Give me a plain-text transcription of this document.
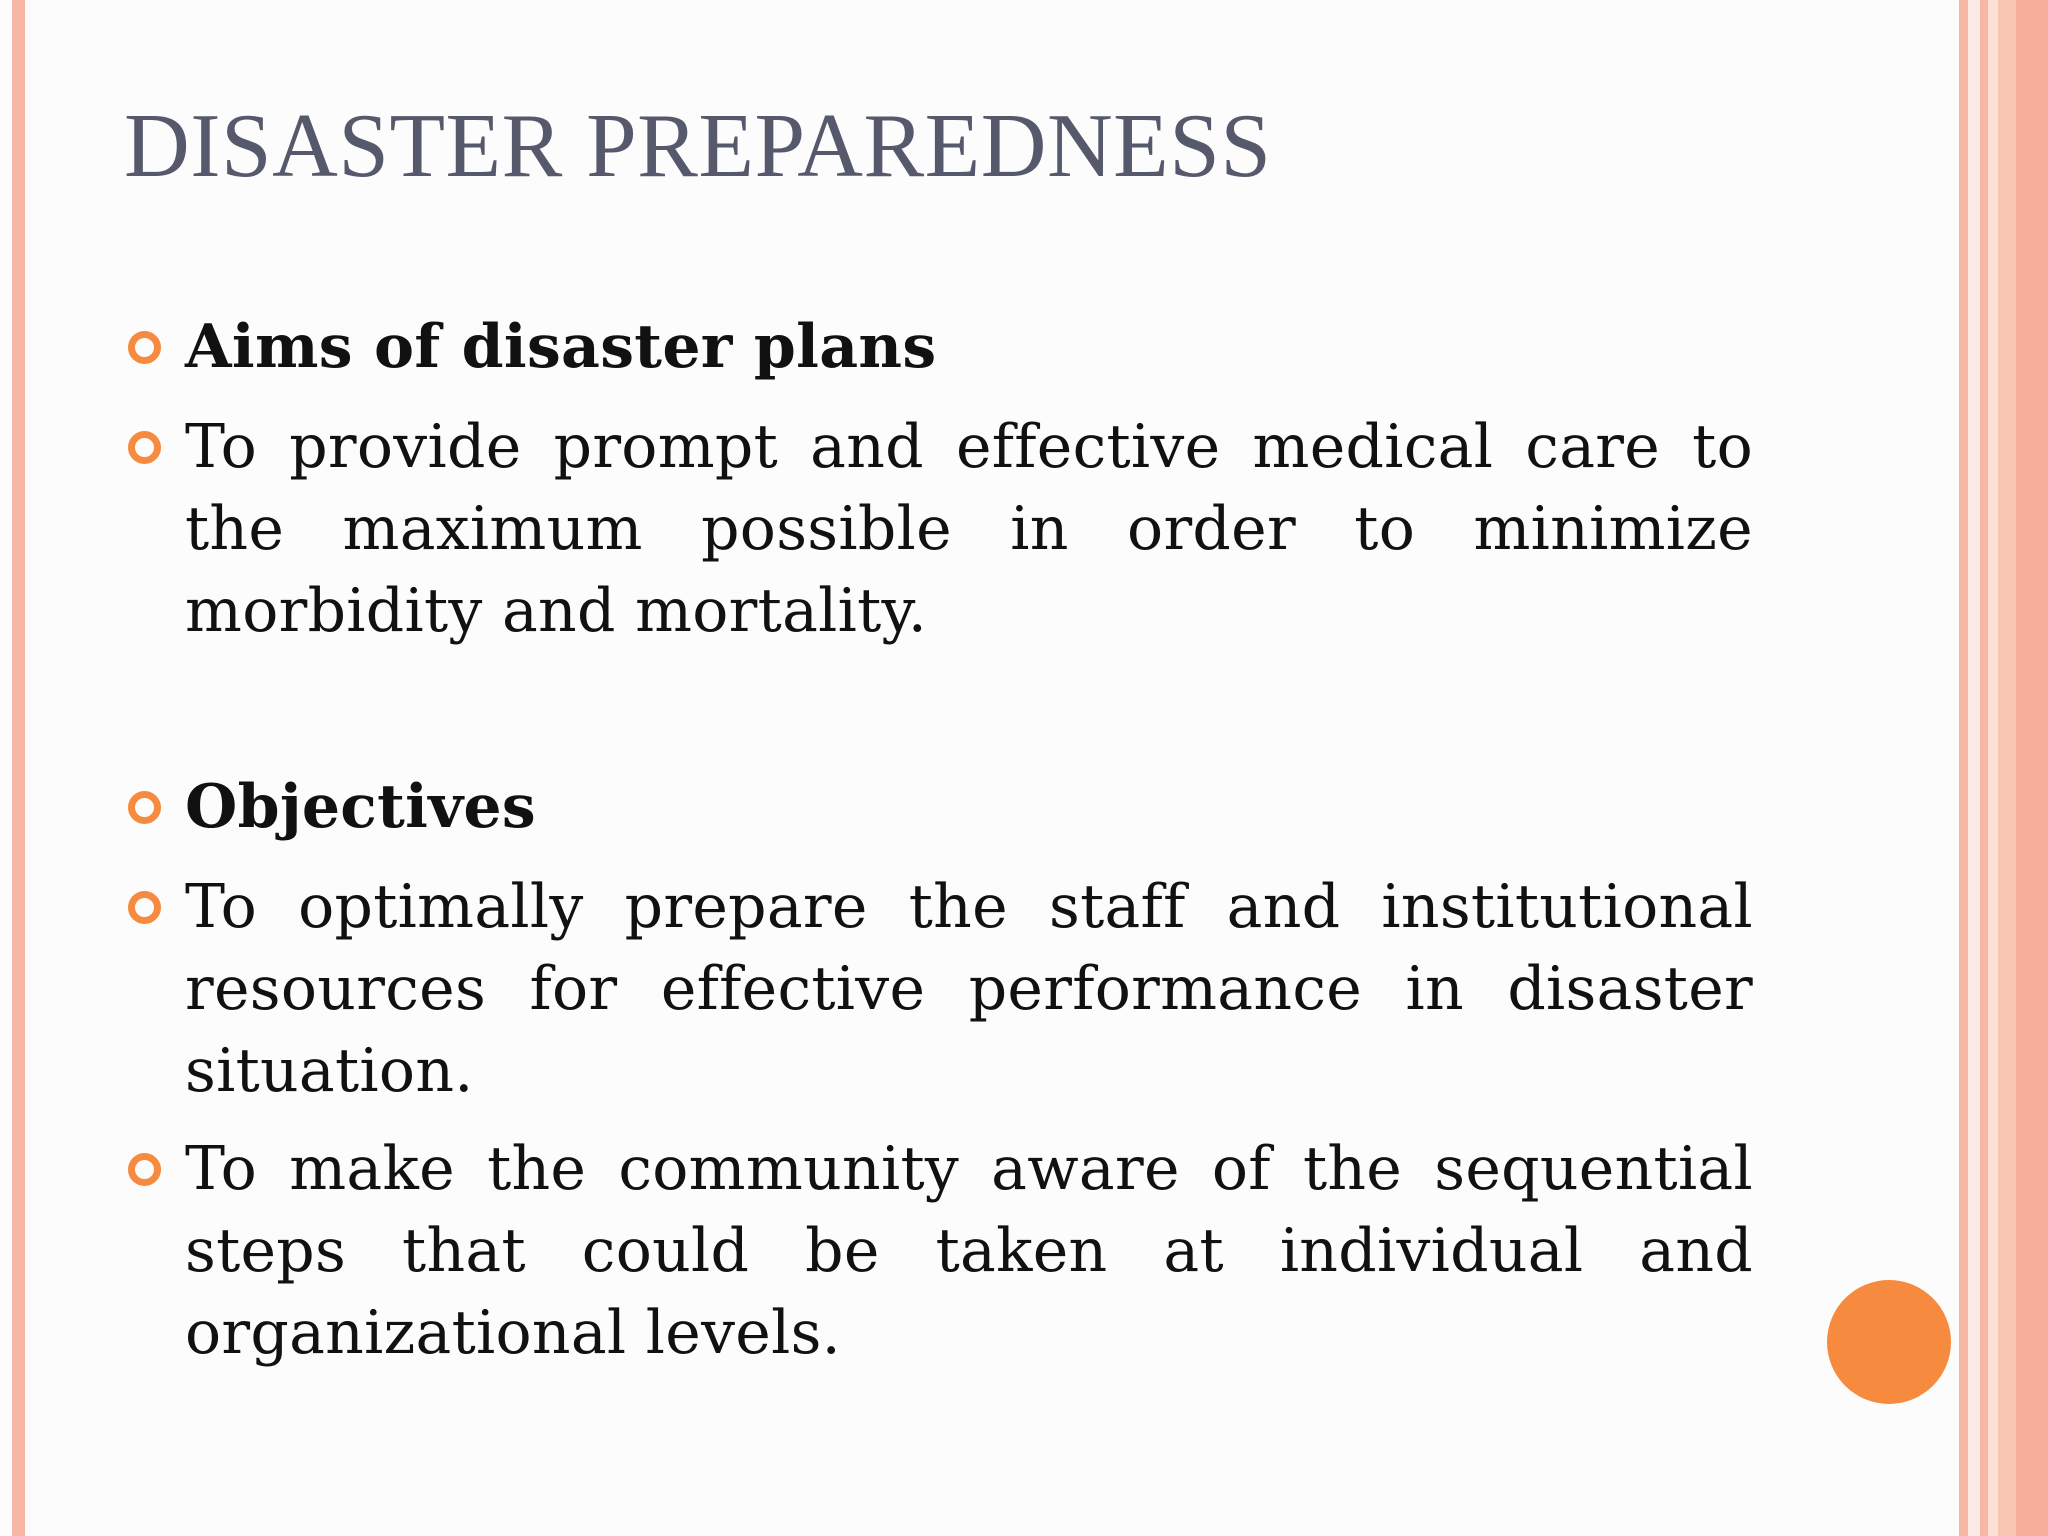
DISASTER PREPAREDNESS

Aims of disaster plans

To provide prompt and effective medical care to the maximum possible in order to minimize morbidity and mortality.

Objectives

To optimally prepare the staff and institutional resources for effective performance in disaster situation.

To make the community aware of the sequential steps that could be taken at individual and organizational levels.
